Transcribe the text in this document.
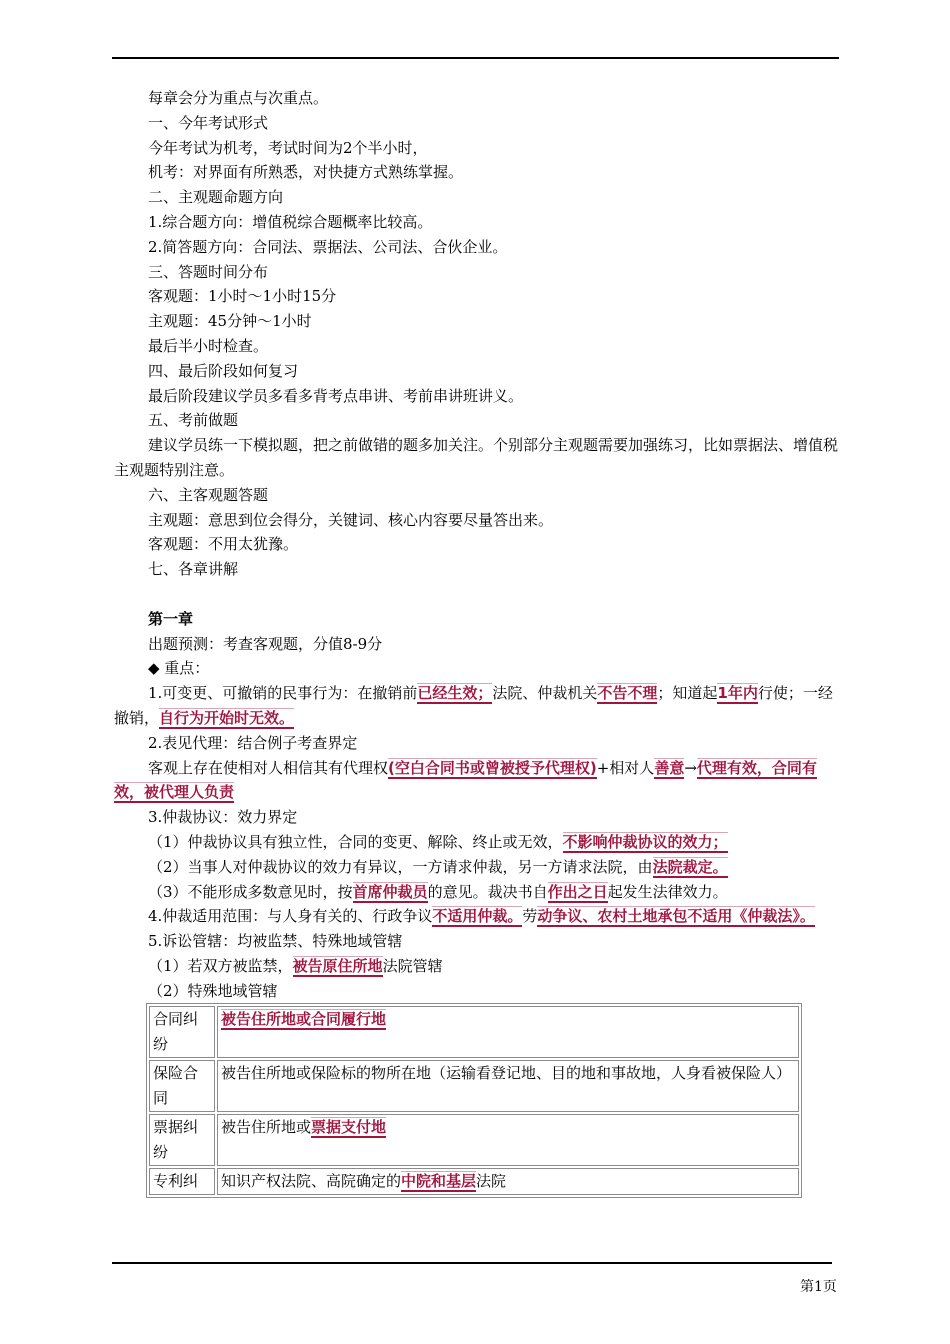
每章会分为重点与次重点。

一、今年考试形式

今年考试为机考，考试时间为2个半小时，

机考：对界面有所熟悉，对快捷方式熟练掌握。

二、主观题命题方向

1.综合题方向：增值税综合题概率比较高。

2.简答题方向：合同法、票据法、公司法、合伙企业。

三、答题时间分布

客观题：1小时～1小时15分

主观题：45分钟～1小时

最后半小时检查。

四、最后阶段如何复习

最后阶段建议学员多看多背考点串讲、考前串讲班讲义。

五、考前做题

建议学员练一下模拟题，把之前做错的题多加关注。个别部分主观题需要加强练习，比如票据法、增值税主观题特别注意。

六、主客观题答题

主观题：意思到位会得分，关键词、核心内容要尽量答出来。

客观题：不用太犹豫。

七、各章讲解

第一章

出题预测：考查客观题，分值8-9分

◆ 重点：

1.可变更、可撤销的民事行为：在撤销前已经生效；法院、仲裁机关不告不理；知道起1年内行使；一经撤销，自行为开始时无效。

2.表见代理：结合例子考查界定

客观上存在使相对人相信其有代理权(空白合同书或曾被授予代理权)+相对人善意→代理有效，合同有效，被代理人负责

3.仲裁协议：效力界定

（1）仲裁协议具有独立性，合同的变更、解除、终止或无效，不影响仲裁协议的效力；

（2）当事人对仲裁协议的效力有异议，一方请求仲裁，另一方请求法院，由法院裁定。

（3）不能形成多数意见时，按首席仲裁员的意见。裁决书自作出之日起发生法律效力。

4.仲裁适用范围：与人身有关的、行政争议不适用仲裁。劳动争议、农村土地承包不适用《仲裁法》。

5.诉讼管辖：均被监禁、特殊地域管辖

（1）若双方被监禁，被告原住所地法院管辖

（2）特殊地域管辖

合同纠纷	被告住所地或合同履行地
保险合同	被告住所地或保险标的物所在地（运输看登记地、目的地和事故地，人身看被保险人）
票据纠纷	被告住所地或票据支付地
专利纠	知识产权法院、高院确定的中院和基层法院
第1页
